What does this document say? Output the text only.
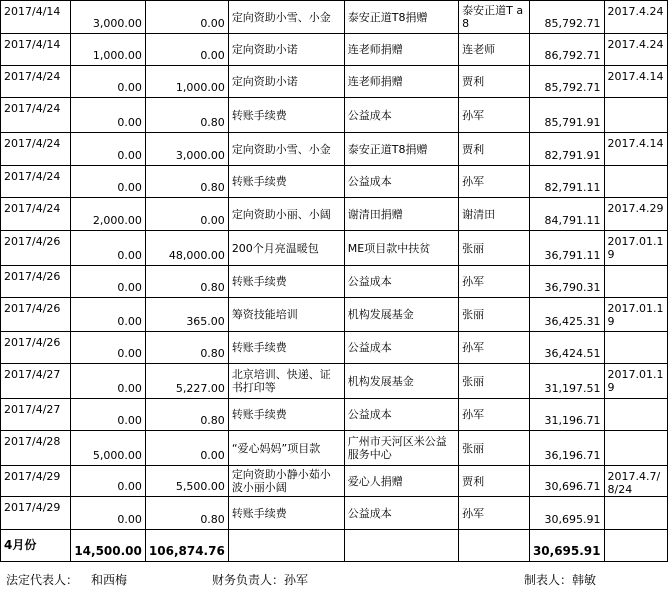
2017/4/14	3,000.00	0.00	定向资助小雪、小金	泰安正道T8捐赠	泰安正道T a8	85,792.71	2017.4.24
2017/4/14	1,000.00	0.00	定向资助小诺	连老师捐赠	连老师	86,792.71	2017.4.24
2017/4/24	0.00	1,000.00	定向资助小诺	连老师捐赠	贾利	85,792.71	2017.4.14
2017/4/24	0.00	0.80	转账手续费	公益成本	孙军	85,791.91	
2017/4/24	0.00	3,000.00	定向资助小雪、小金	泰安正道T8捐赠	贾利	82,791.91	2017.4.14
2017/4/24	0.00	0.80	转账手续费	公益成本	孙军	82,791.11	
2017/4/24	2,000.00	0.00	定向资助小丽、小阔	谢清田捐赠	谢清田	84,791.11	2017.4.29
2017/4/26	0.00	48,000.00	200个月亮温暖包	ME项目款中扶贫	张丽	36,791.11	2017.01.19
2017/4/26	0.00	0.80	转账手续费	公益成本	孙军	36,790.31	
2017/4/26	0.00	365.00	筹资技能培训	机构发展基金	张丽	36,425.31	2017.01.19
2017/4/26	0.00	0.80	转账手续费	公益成本	孙军	36,424.51	
2017/4/27	0.00	5,227.00	北京培训、快递、证书打印等	机构发展基金	张丽	31,197.51	2017.01.19
2017/4/27	0.00	0.80	转账手续费	公益成本	孙军	31,196.71	
2017/4/28	5,000.00	0.00	“爱心妈妈”项目款	广州市天河区米公益服务中心	张丽	36,196.71	
2017/4/29	0.00	5,500.00	定向资助小静小茹小波小丽小阔	爱心人捐赠	贾利	30,696.71	2017.4.7/8/24
2017/4/29	0.00	0.80	转账手续费	公益成本	孙军	30,695.91	
4月份	14,500.00	106,874.76				30,695.91	
法定代表人： 和西梅	财务负责人：孙军	制表人：韩敏
